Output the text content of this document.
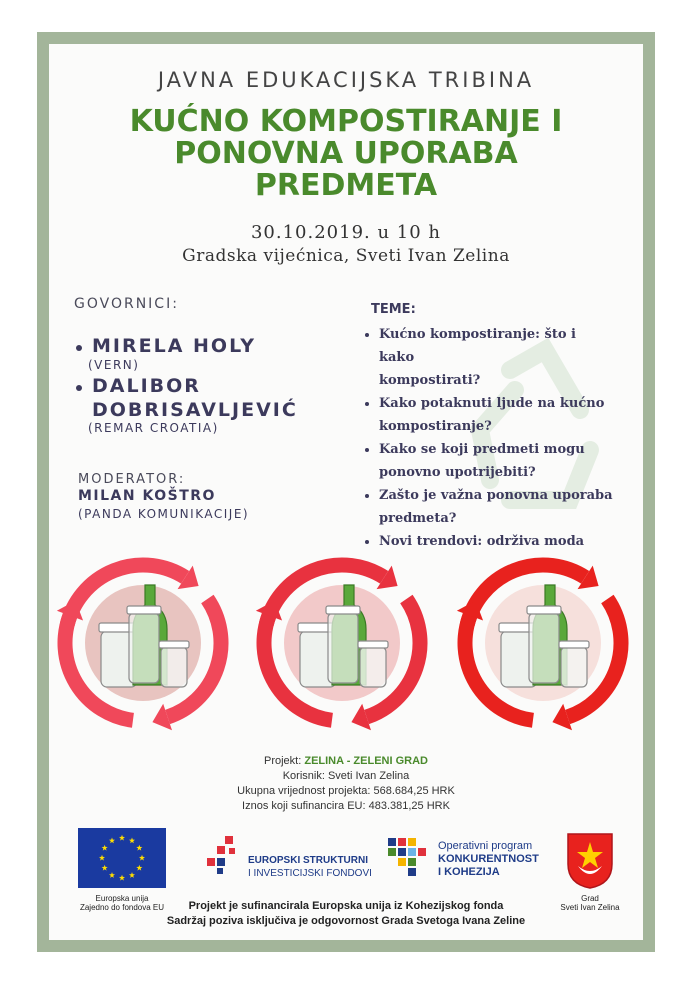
JAVNA EDUKACIJSKA TRIBINA
KUĆNO KOMPOSTIRANJE I
PONOVNA UPORABA
PREDMETA
30.10.2019. u 10 h
Gradska vijećnica, Sveti Ivan Zelina
GOVORNICI:
MIRELA HOLY
(VERN)
DALIBOR
DOBRISAVLJEVIĆ
(REMAR CROATIA)
MODERATOR:
MILAN KOŠTRO
(PANDA KOMUNIKACIJE)
TEME:
• Kućno kompostiranje: što i kako
kompostirati?
• Kako potaknuti ljude na kućno
kompostiranje?
• Kako se koji predmeti mogu
ponovno upotrijebiti?
• Zašto je važna ponovna uporaba
predmeta?
• Novi trendovi: održiva moda
Projekt: ZELINA - ZELENI GRAD
Korisnik: Sveti Ivan Zelina
Ukupna vrijednost projekta: 568.684,25 HRK
Iznos koji sufinancira EU: 483.381,25 HRK
Europska unija
Zajedno do fondova EU
EUROPSKI STRUKTURNI
I INVESTICIJSKI FONDOVI
Operativni program
KONKURENTNOST
I KOHEZIJA
Grad
Sveti Ivan Zelina
Projekt je sufinancirala Europska unija iz Kohezijskog fonda
Sadržaj poziva isključiva je odgovornost Grada Svetoga Ivana Zeline
